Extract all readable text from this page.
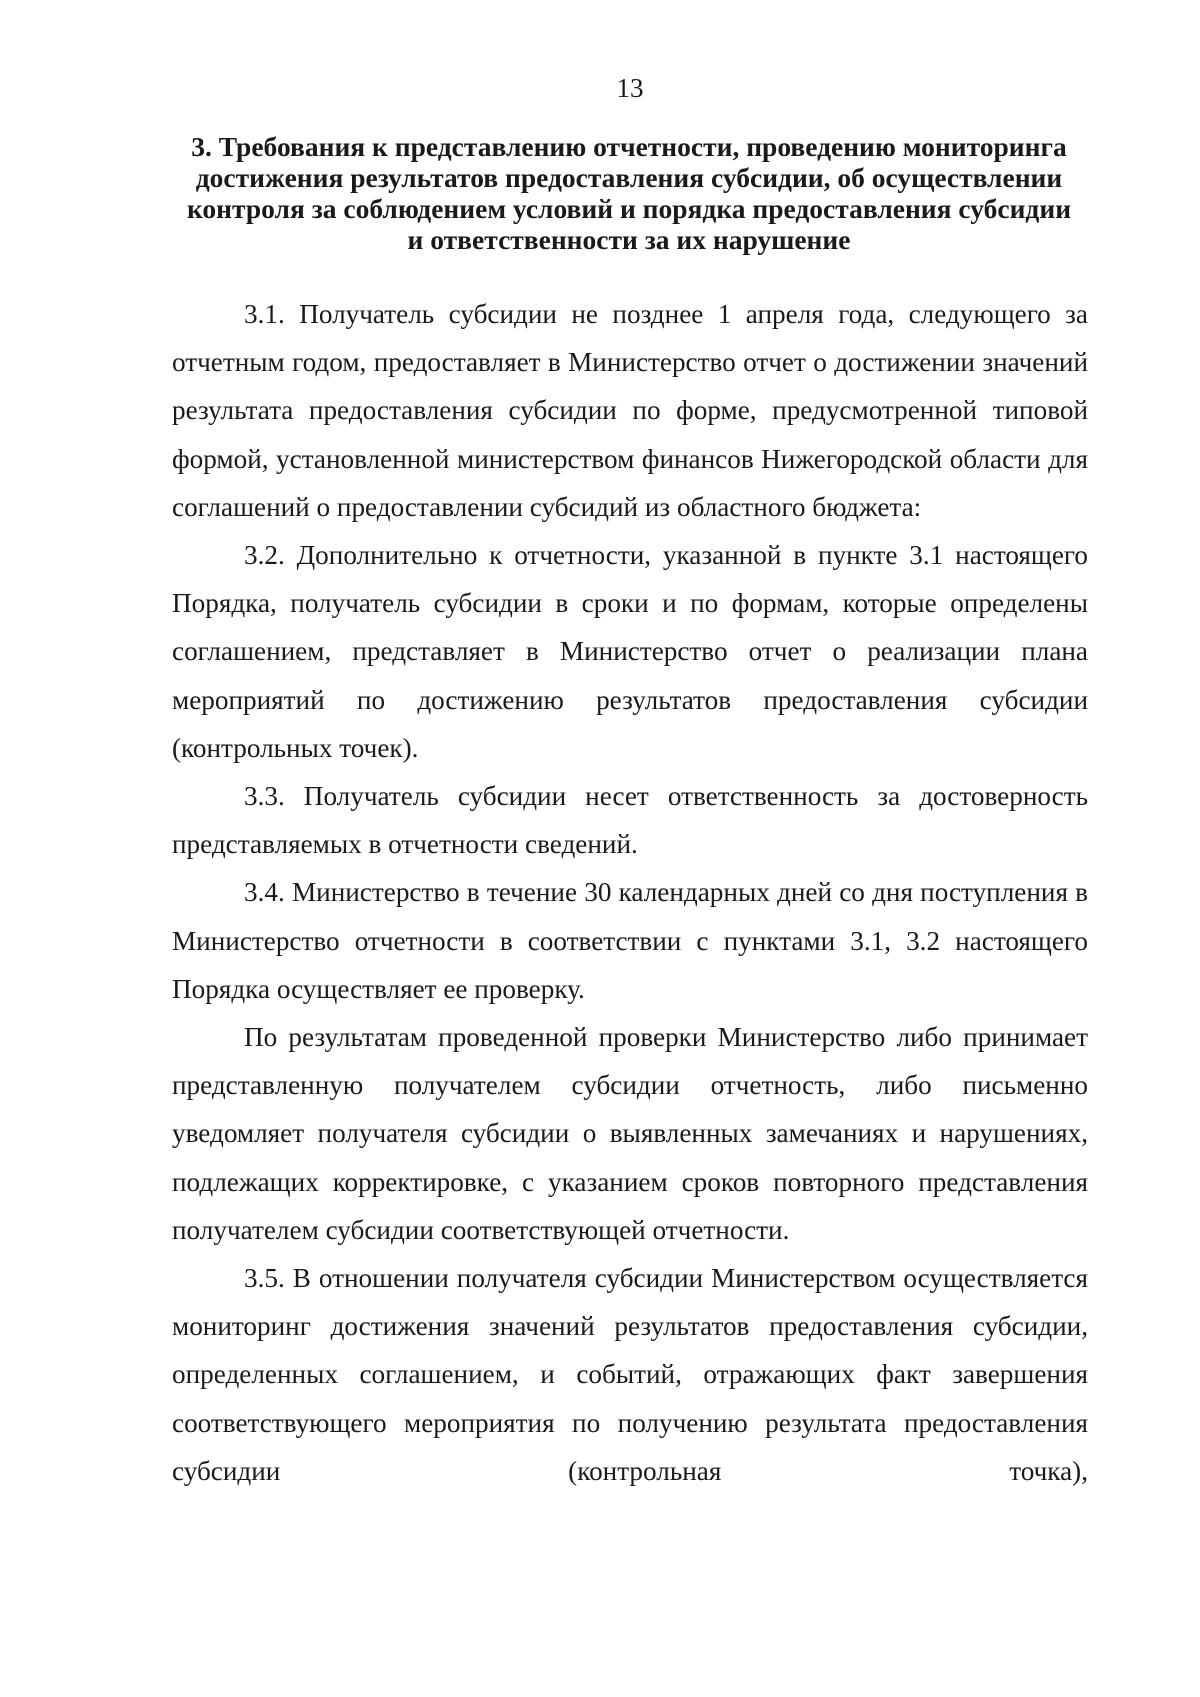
13
3. Требования к представлению отчетности, проведению мониторинга
достижения результатов предоставления субсидии, об осуществлении
контроля за соблюдением условий и порядка предоставления субсидии
и ответственности за их нарушение

3.1. Получатель субсидии не позднее 1 апреля года, следующего за отчетным годом, предоставляет в Министерство отчет о достижении значений результата предоставления субсидии по форме, предусмотренной типовой формой, установленной министерством финансов Нижегородской области для соглашений о предоставлении субсидий из областного бюджета:

3.2. Дополнительно к отчетности, указанной в пункте 3.1 настоящего Порядка, получатель субсидии в сроки и по формам, которые определены соглашением, представляет в Министерство отчет о реализации плана мероприятий по достижению результатов предоставления субсидии (контрольных точек).

3.3. Получатель субсидии несет ответственность за достоверность представляемых в отчетности сведений.

3.4. Министерство в течение 30 календарных дней со дня поступления в Министерство отчетности в соответствии с пунктами 3.1, 3.2 настоящего Порядка осуществляет ее проверку.

По результатам проведенной проверки Министерство либо принимает представленную получателем субсидии отчетность, либо письменно уведомляет получателя субсидии о выявленных замечаниях и нарушениях, подлежащих корректировке, с указанием сроков повторного представления получателем субсидии соответствующей отчетности.

3.5. В отношении получателя субсидии Министерством осуществляется мониторинг достижения значений результатов предоставления субсидии, определенных соглашением, и событий, отражающих факт завершения соответствующего мероприятия по получению результата предоставления субсидии (контрольная точка),
